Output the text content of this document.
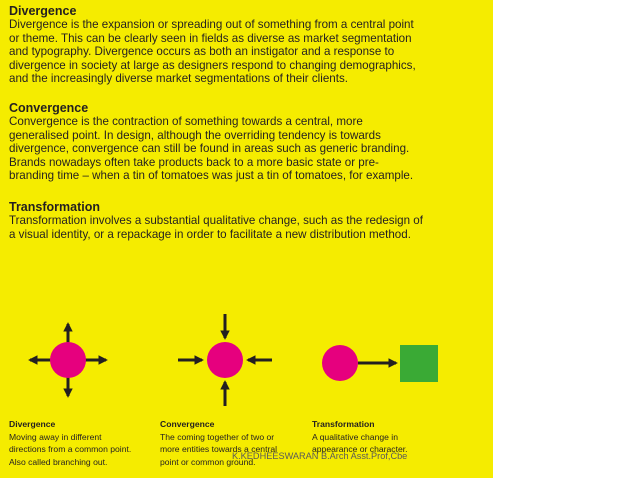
Divergence

Divergence is the expansion or spreading out of something from a central point
or theme. This can be clearly seen in fields as diverse as market segmentation
and typography. Divergence occurs as both an instigator and a response to
divergence in society at large as designers respond to changing demographics,
and the increasingly diverse market segmentations of their clients.

Convergence

Convergence is the contraction of something towards a central, more
generalised point. In design, although the overriding tendency is towards
divergence, convergence can still be found in areas such as generic branding.
Brands nowadays often take products back to a more basic state or pre-
branding time – when a tin of tomatoes was just a tin of tomatoes, for example.

Transformation

Transformation involves a substantial qualitative change, such as the redesign of
a visual identity, or a repackage in order to facilitate a new distribution method.

Divergence
Moving away in different
directions from a common point.
Also called branching out.
Convergence
The coming together of two or
more entities towards a central
point or common ground.
Transformation
A qualitative change in
appearance or character.
K.KEDHEESWARAN B.Arch Asst.Prof,Cbe
